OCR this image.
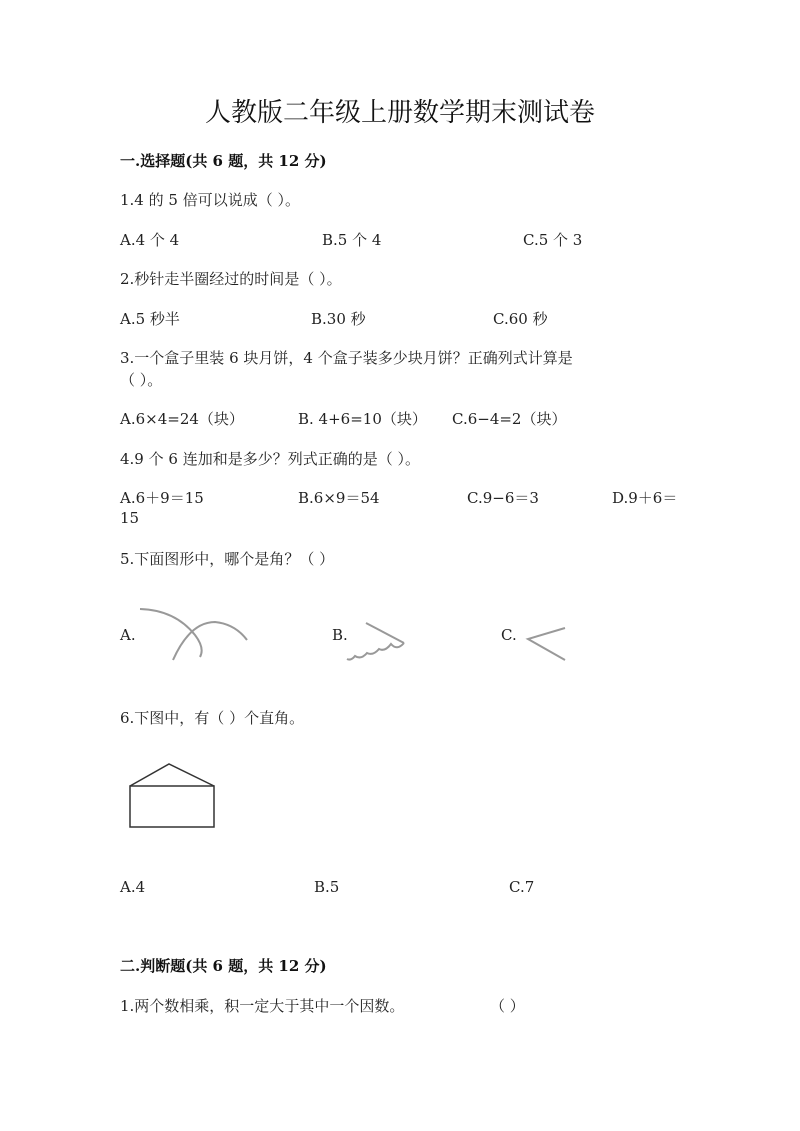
人教版二年级上册数学期末测试卷
一.选择题(共 6 题，共 12 分)
1.4 的 5 倍可以说成（ ）。
A.4 个 4	B.5 个 4	C.5 个 3
2.秒针走半圈经过的时间是（ ）。
A.5 秒半	B.30 秒	C.60 秒
3.一个盒子里装 6 块月饼，4 个盒子装多少块月饼？正确列式计算是
（ ）。
A.6×4=24（块）	B. 4+6=10（块） C.6−4=2（块）
4.9 个 6 连加和是多少？列式正确的是（ ）。
A.6＋9＝15	B.6×9＝54	C.9−6＝3	D.9＋6＝
15
5.下面图形中，哪个是角？（ ）
A.	B.	C.
6.下图中，有（ ）个直角。
A.4	B.5	C.7
二.判断题(共 6 题，共 12 分)
1.两个数相乘，积一定大于其中一个因数。	（ ）
